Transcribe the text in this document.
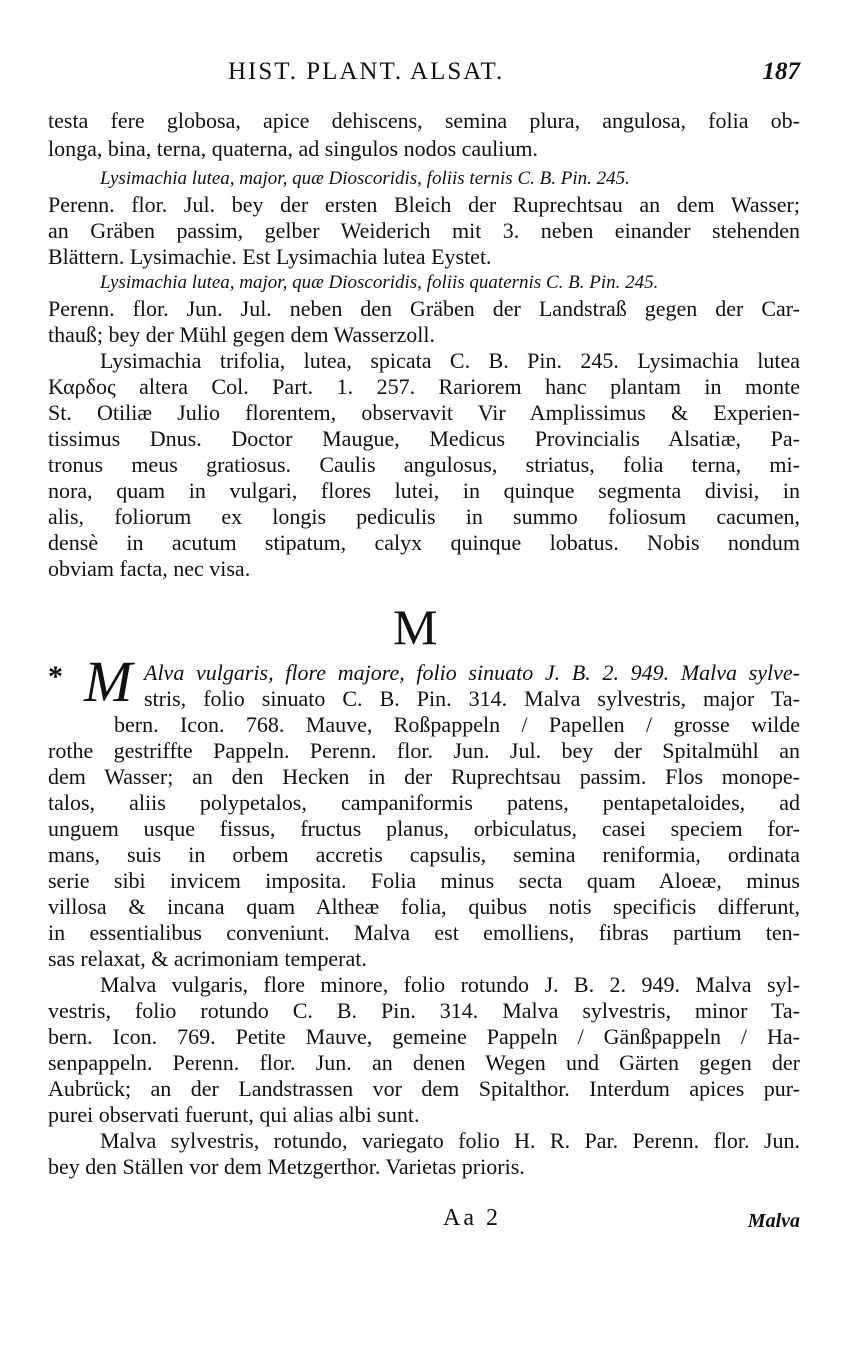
HIST. PLANT. ALSAT.	187
testa fere globosa, apice dehiscens, semina plura, angulosa, folia ob-
longa, bina, terna, quaterna, ad singulos nodos caulium.
Lysimachia lutea, major, quæ Dioscoridis, foliis ternis C. B. Pin. 245.
Perenn. flor. Jul. bey der ersten Bleich der Ruprechtsau an dem Wasser;
an Gräben passim, gelber Weiderich mit 3. neben einander stehenden
Blättern. Lysimachie. Est Lysimachia lutea Eystet.
Lysimachia lutea, major, quæ Dioscoridis, foliis quaternis C. B. Pin. 245.
Perenn. flor. Jun. Jul. neben den Gräben der Landstraß gegen der Car-
thauß; bey der Mühl gegen dem Wasserzoll.
Lysimachia trifolia, lutea, spicata C. B. Pin. 245. Lysimachia lutea
Καρδος altera Col. Part. 1. 257. Rariorem hanc plantam in monte
St. Otiliæ Julio florentem, observavit Vir Amplissimus & Experien-
tissimus Dnus. Doctor Maugue, Medicus Provincialis Alsatiæ, Pa-
tronus meus gratiosus. Caulis angulosus, striatus, folia terna, mi-
nora, quam in vulgari, flores lutei, in quinque segmenta divisi, in
alis, foliorum ex longis pediculis in summo foliosum cacumen,
densè in acutum stipatum, calyx quinque lobatus. Nobis nondum
obviam facta, nec visa.
M
* M Alva vulgaris, flore majore, folio sinuato J. B. 2. 949. Malva sylve-
stris, folio sinuato C. B. Pin. 314. Malva sylvestris, major Ta-
bern. Icon. 768. Mauve, Roßpappeln / Papellen / grosse wilde
rothe gestriffte Pappeln. Perenn. flor. Jun. Jul. bey der Spitalmühl an
dem Wasser; an den Hecken in der Ruprechtsau passim. Flos monope-
talos, aliis polypetalos, campaniformis patens, pentapetaloides, ad
unguem usque fissus, fructus planus, orbiculatus, casei speciem for-
mans, suis in orbem accretis capsulis, semina reniformia, ordinata
serie sibi invicem imposita. Folia minus secta quam Aloeæ, minus
villosa & incana quam Altheæ folia, quibus notis specificis differunt,
in essentialibus conveniunt. Malva est emolliens, fibras partium ten-
sas relaxat, & acrimoniam temperat.
Malva vulgaris, flore minore, folio rotundo J. B. 2. 949. Malva syl-
vestris, folio rotundo C. B. Pin. 314. Malva sylvestris, minor Ta-
bern. Icon. 769. Petite Mauve, gemeine Pappeln / Gänßpappeln / Ha-
senpappeln. Perenn. flor. Jun. an denen Wegen und Gärten gegen der
Aubrück; an der Landstrassen vor dem Spitalthor. Interdum apices pur-
purei observati fuerunt, qui alias albi sunt.
Malva sylvestris, rotundo, variegato folio H. R. Par. Perenn. flor. Jun.
bey den Ställen vor dem Metzgerthor. Varietas prioris.
Aa 2	Malva
